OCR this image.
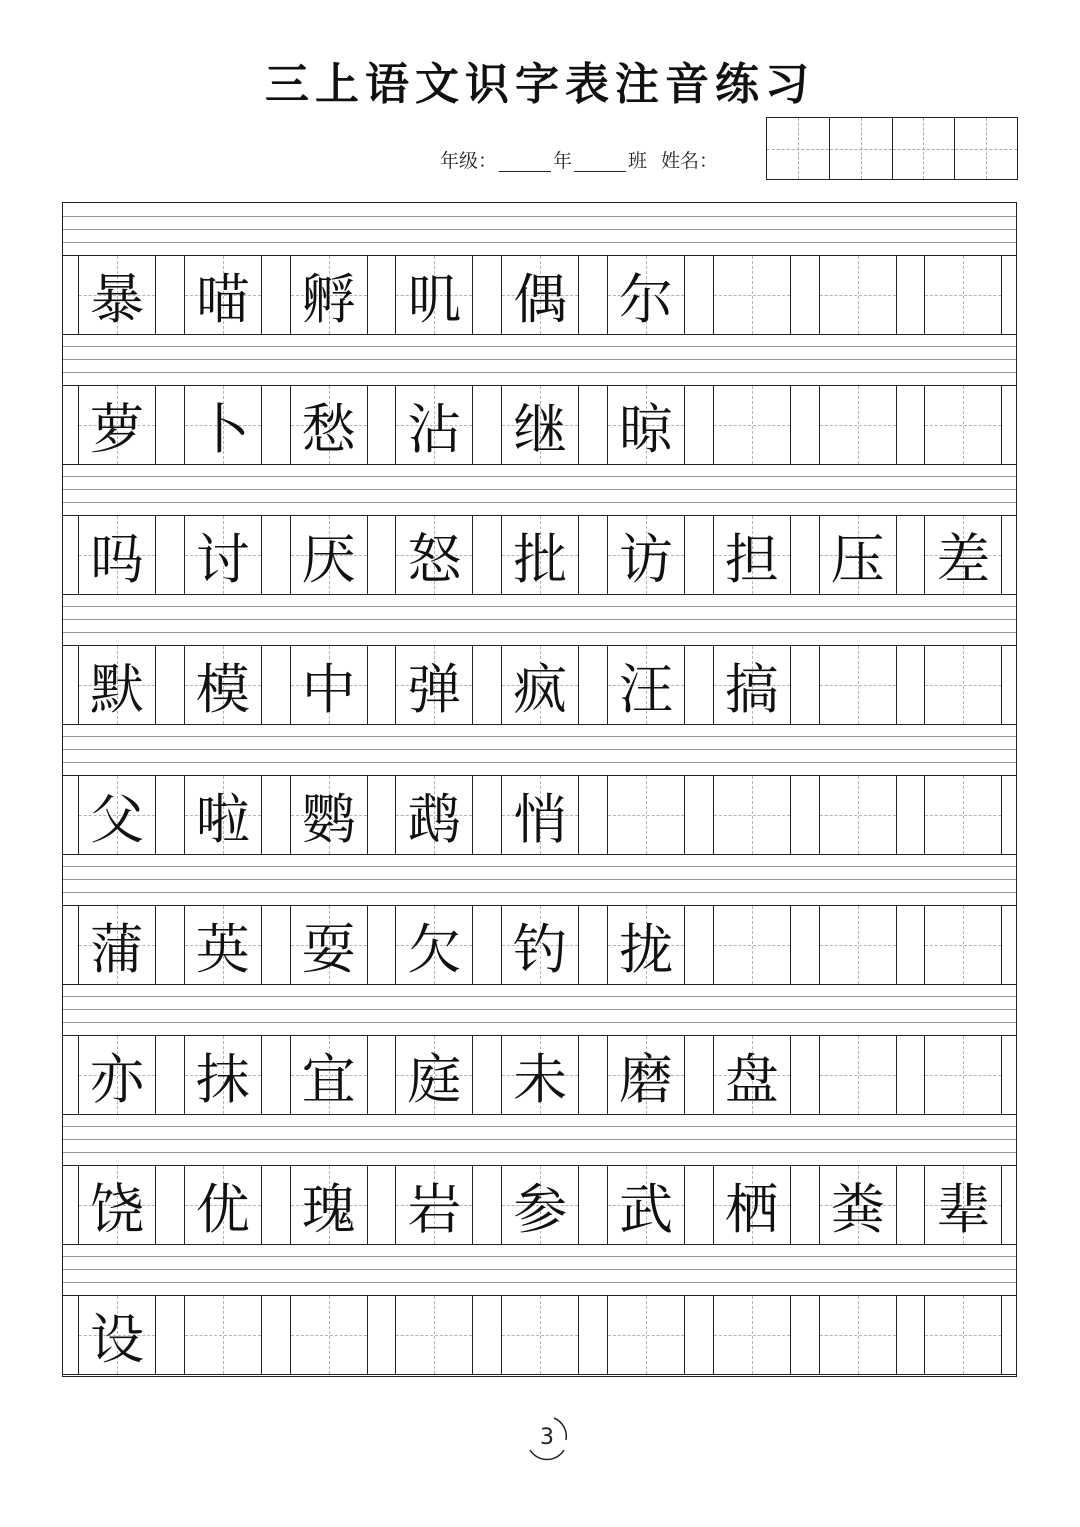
三上语文识字表注音练习
年级：	年	班 姓名：
暴 喵 孵 叽 偶 尔
萝 卜 愁 沾 继 晾
吗 讨 厌 怒 批 访 担 压 差
默 模 中 弹 疯 汪 搞
父 啦 鹦 鹉 悄
蒲 英 耍 欠 钓 拢
亦 抹 宜 庭 未 磨 盘
饶 优 瑰 岩 参 武 栖 粪 辈
设
3
